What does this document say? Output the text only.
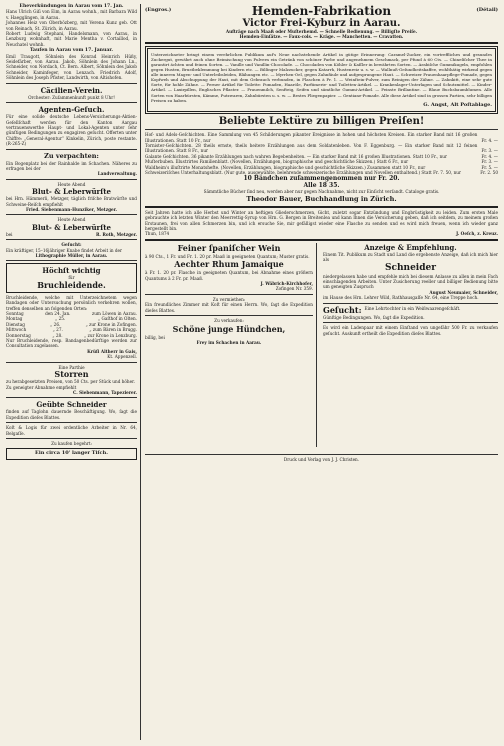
Eheverkündungen in Aarau vom 17. Jan.
Hans Ulrich Giſi von Eim, in Aarau wohnh., mit Barbara Wild v. Haegglingen, in Aarau.
Johannes Heiz von Oberbözberg, mit Verena Kunz geb. Ott von Reinach, St. Zürich, in Aarau.
Robert Ludwig Stephani, Handelsmann, von Aarau, in Lenzburg wohnhaft, mit Marie Mentha v. Cortaillod, in Neuchatel wohnh.
Taufen in Aarau vom 17. Januar.
Emil Traugott, Söhnlein des Konrad Heinrich Hüßy, Seidefärber, von Aarau. Jakob, Söhnlein des Johann Ln., Schneider, von Nordach, Ct. Bern. Albert, Söhnlein des Jakob Schneider, Kaminfeger, von Lenzach. Friedrich Adolf, Söhnlein des Joseph Pfister, Landwirth, von Altishofen.
Cäcilien-Verein.
Orchester: Zuſammenkunft punkt 8 Uhr!
Agenten-Geſuch.
Für eine solide deutsche Lebens-Versicherungs-Aktien-Geſellſchaft werden für den Kanton Aargau vertrauenswerthe Haupt- und Lokal-Agenten unter ſehr günſtigen Bedingungen zu engagiren geſucht. Offerten unter Chiffre: „General-Agentur“ Kinkelin, Zürich, poste restante. (R-265-Z)
Zu verpachten:
Ein Bogenplatz bei der Rainhalde im Schachen. Näheres zu erfragen bei der
Landverwaltung.
Heute Abend
Blut- & Leberwürſte
bei Hrn. Hämmerli, Metzger, täglich friſche Bratwürſte und Schweine-Reiſch empfiehlt
Fried. Siebenmann-Hunziker, Metzger.
Heute Abend
Blut- & Leberwürſte
bei	R. Roth, Metzger.
Geſucht:
Ein kräftiger, 15–16jähriger Knabe findet Arbeit in der
Lithographie Müller, in Aarau.
Höchſt wichtig
für
Bruchleidende.
Bruchleidende, welche mit Unterzeichnetem wegen Bandagen oder Untersuchung persönlich verkehren wollen, treffen denselben an folgenden Orten:
Sonntag	den 24. Jan.	zum Löwen in Aarau.
Montag	„ 25.	„ Gaſthof in Olten.
Dienstag	„ 26.	„ zur Krone in Zofingen.
Mittwoch	„ 27.	„ zum Bären in Brugg.
Donnerstag	„ 28.	„ zur Krone in Lenzburg.
Nur Bruchleidende, resp. Bandagenbedürftige werden zur Consultation zugelassen.
Krüſi Altherr in Gais,
Kt. Appenzell.
Eine Parthie
Storren
zu herabgesetzten Preisen, von 50 Cts. per Stück und höher.
Zu geneigter Abnahme empfiehlt
C. Siebenmann, Tapezierer.
Geübte Schneider
finden auf Taglohn dauernde Beschäftigung. Wo, ſagt die Expedition dieſes Blattes.
Koſt & Logis für zwei ordentliche Arbeiter in Nr. 64, Belgaſſe.
Zu kaufen begehrt:
Ein circa 10' langer Tiſch.
(Engros.)	Hemden-Fabrikation	(Détail)
Victor Frei-Kyburz in Aarau.
Aufträge nach Maaß oder Muſterhemd. — Schnelle Bedienung. — Billigſte Preiſe.
Hemden-Einſätze. — Faux-cols. — Kräge. — Manchetten. — Cravatten.
Unterzeichneter bringt einem verehrlichen Publikum auf's Neue nachstehende Artikel in gütige Erinnerung: Caramel-Zucker, ein vortreffliches und gesundes Zuckergut, gewährt auch ohne Beimischung von Pulvern ein Getränk von schöner Farbe und angenehmem Geschmack, per Pfund à 60 Cts. — Chineſiſcher Thee in garantirt ächten und feinen Sorten. — Vanille und Vanillin-Chocolade. — Chocoladen von Köhler & Kaſſler in bewährten Sorten. — Arabiſche Gummikugeln, empfohlen gegen Husten, Brustbeklemmung bei Kindern etc. — Bilſinger Malzzucker, gegen Katarrh, Hustenreiz u. s. w. — Wallnuß-Geſundheitskaffee, wohlthätig wirkend gegen alle inneren Magen- und Unterleibsleiden, Blähungen etc. — Myrrhen-Oel, gegen Zahnfäule und aufgesprungene Haut. — Schweizer Frauenhaarpflege-Pomade, gegen Kopfweh und Abschuppung der Haut, mit dem Gebrauch verbunden, in Flaschen à Fr. 1. — Weinſtein-Pulver, zum Reinigen der Zähne. — Zahnkitt, eine sehr gute Sorte, für hohle Zähne. — Ferner Artikel für Toilette: Pomaden, Haaröle, Parfümerie- und Toiletten-Artikel. — Krankenlager-Unterlagen und Schutzmittel. — Kinder-Artikel. — Laxirpillen, Englisches Pflaster. — Frauenmilch, Senfteig, Seifen und sämtliche Gummi-Artikel. — Feinste Brillantine. — Blaue Buchsbaumblumen. Alle Sorten von Haarbürsten, Kämme, Putzwaren, Zahnbürsten u. s. w. — Bestes Fliegenpapier. — Gentiane-Pomade. Alle diese Artikel sind in grossen Partien, sehr billigen Preisen zu haben.
G. Angst, Alt Poſtablage.
Beliebte Lektüre zu billigen Preiſen!
Hof- und Adels-Geſchichten. Eine Sammlung von 45 Schilderungen pikanter Ereignisse in hohen und höchsten Kreisen. Ein starker Band mit 16 großen Illustrationen. Statt 10 Fr., nur	Fr. 4. —
Tornister-Geſchichten. 28 theils ernste, theils heitere Erzählungen aus dem Soldatenleben. Von F. Eggenburg. — Ein starker Band mit 12 feinen Illustrationen. Statt 8 Fr., nur	Fr. 3. —
Galante Geſchichten. 36 pikante Erzählungen nach wahren Begebenheiten. — Ein starker Band mit 16 großen Illustrationen. Statt 10 Fr., nur	Fr. 4. —
Muſterbuben. Illustrirtes Familienblatt. (Novellen, Erzählungen, biographische und geschichtliche Skizzen.) Statt 6 Fr., nur	Fr. 3. —
Waldheim's illuſtrirte Monatshefte. (Novellen, Erzählungen, biographische und geschichtliche Skizzen.) Zusammen statt 10 Fr., nur	Fr. 5. —
Schweizeriſches Unterhaltungsblatt. (Nur gute, ausgewählte, belehrende schweizerische Erzählungen und Novellen enthaltend.) Statt Fr. 7. 50, nur	Fr. 2. 50
10 Bändchen zuſammengenommen nur Fr. 20.
Alle 18 35.
Sämmtliche Bücher ſind neu, werden aber nur gegen Nachnahme, nicht zur Einſicht verſandt. Cataloge gratis.
Theodor Bauer, Buchhandlung in Zürich.
Seit Jahren hatte ich alle Herbst und Winter an heftigen Gliederschmerzen, Gicht, zuletzt sogar Entzündung und Engbrüstigkeit zu leiden. Zum ersten Male gebrauchte ich letzten Winter den Meerrettig-Syrup von Hrn. G. Bergen in Breitenlea und kann Ihnen die Versicherung geben, daß ich seitdem, zu meinem großen Erstaunen, frei von allen Schmerzen bin, und ich ersuche Sie, mir gefälligst wieder eine Flasche zu senden und es wird mich freuen, wenn ich wieder ganz hergestellt bin.
Thun, 1874	J. Oeſch, z. Kreuz.
Feiner ſpaniſcher Wein
à 90 Cts., 1 Fr. und Fr. 1. 20 pr. Maaß in geeigneten Quantum; Muster gratis.
Aechter Rhum Jamaique
à Fr. 1. 20 pr. Flasche in geeigneten Quantum, bei Abnahme eines größern Quantums à 2 Fr. pr. Maaß.
J. Wäbrich-Kirchhofer,
Zofingen Nr. 359.
Zu vermiethen:
Ein freundliches Zimmer mit Koſt für einen Herrn. Wo, ſagt die Expedition dieſes Blattes.
Zu verkaufen:
Schöne junge Hündchen,
billig, bei
Frey im Schachen in Aarau.
Anzeige & Empfehlung.
Einem Tit. Publikum zu Stadt und Land die ergebenste Anzeige, daß ich mich hier als
Schneider
niedergelassen habe und empfehle mich bei diesem Anlasse zu allen in mein Fach einschlagenden Arbeiten. Unter Zusicherung reeller und billiger Bedienung bitte um geneigten Zuspruch
August Neumaier, Schneider,
im Hause des Hrn. Lehrer Wild, Rathhausgaſſe Nr. 64, eine Treppe hoch.
Geſucht: Eine Lehrtochter in ein Weißwaarengeſchäft.
Günſtige Bedingungen. Wo, ſagt die Expedition.
Es wird ein Ladenpaar mit einem Einſtand von ungefähr 500 Fr. zu verkaufen geſucht. Auskunft ertheilt die Expedition dieſes Blattes.
Druck und Verlag von J. J. Christen.
